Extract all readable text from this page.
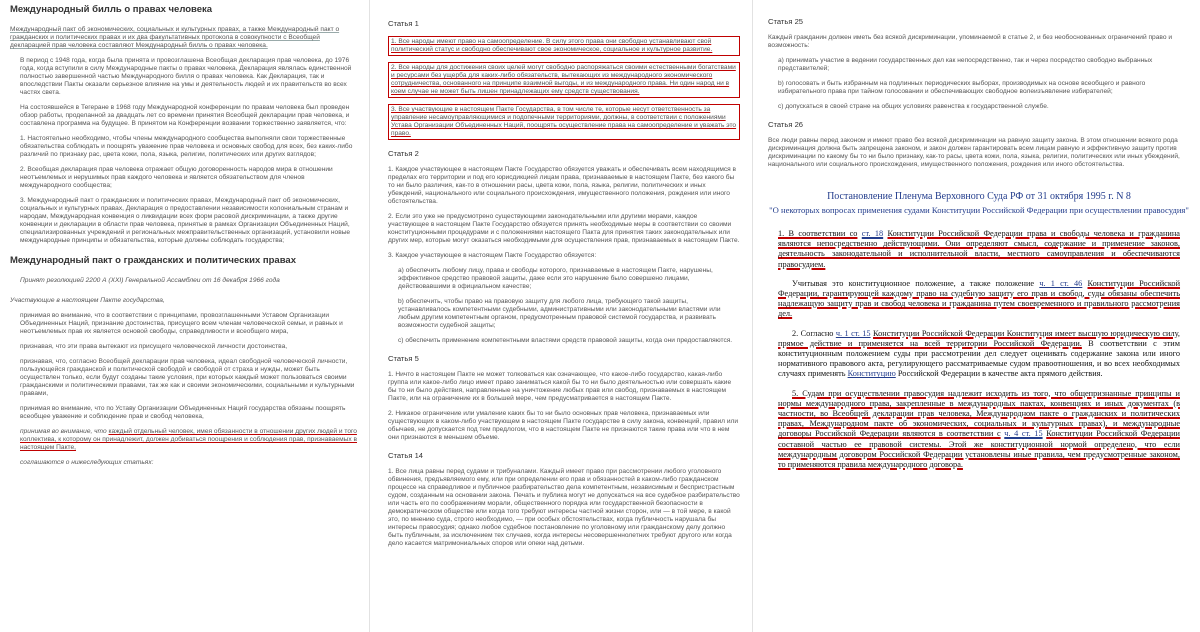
Международный билль о правах человека

Международный пакт об экономических, социальных и культурных правах, а также Международный пакт о гражданских и политических правах и их два факультативных протокола в совокупности с Всеобщей декларацией прав человека составляют Международный билль о правах человека.

В период с 1948 года, когда была принята и провозглашена Всеобщая декларация прав человека, до 1976 года, когда вступили в силу Международные пакты о правах человека, Декларация являлась единственной полностью завершенной частью Международного билля о правах человека. Как Декларация, так и впоследствии Пакты оказали серьезное влияние на умы и деятельность людей и их правительств во всех частях света.

На состоявшейся в Тегеране в 1968 году Международной конференции по правам человека был проведен обзор работы, проделанной за двадцать лет со времени принятия Всеобщей декларации прав человека, и составлена программа на будущее. В принятом на Конференции возвании торжественно заявляется, что:

1. Настоятельно необходимо, чтобы члены международного сообщества выполняли свои торжественные обязательства соблюдать и поощрять уважение прав человека и основных свобод для всех, без каких-либо различий по признаку рас, цвета кожи, пола, языка, религии, политических или других взглядов;

2. Всеобщая декларация прав человека отражает общую договоренность народов мира в отношении неотъемлемых и нерушимых прав каждого человека и является обязательством для членов международного сообщества;

3. Международный пакт о гражданских и политических правах, Международный пакт об экономических, социальных и культурных правах, Декларация о предоставлении независимости колониальным странам и народам, Международная конвенция о ликвидации всех форм расовой дискриминации, а также другие конвенции и декларации в области прав человека, принятые в рамках Организации Объединенных Наций, специализированных учреждений и региональных межправительственных организаций, установили новые международные принципы и обязательства, которые должны соблюдать государства;

Международный пакт о гражданских и политических правах

Принят резолюцией 2200 А (XXI) Генеральной Ассамблеи от 16 декабря 1966 года

Участвующие в настоящем Пакте государства,

принимая во внимание, что в соответствии с принципами, провозглашенными Уставом Организации Объединенных Наций, признание достоинства, присущего всем членам человеческой семьи, и равных и неотъемлемых прав их является основой свободы, справедливости и всеобщего мира,

признавая, что эти права вытекают из присущего человеческой личности достоинства,

признавая, что, согласно Всеобщей декларации прав человека, идеал свободной человеческой личности, пользующейся гражданской и политической свободой и свободой от страха и нужды, может быть осуществлен только, если будут созданы такие условия, при которых каждый может пользоваться своими гражданскими и политическими правами, так же как и своими экономическими, социальными и культурными правами,

принимая во внимание, что по Уставу Организации Объединенных Наций государства обязаны поощрять всеобщее уважение и соблюдение прав и свобод человека,

принимая во внимание, что каждый отдельный человек, имея обязанности в отношении других людей и того коллектива, к которому он принадлежит, должен добиваться поощрения и соблюдения прав, признаваемых в настоящем Пакте,

соглашаются о нижеследующих статьях:

Статья 1

1. Все народы имеют право на самоопределение. В силу этого права они свободно устанавливают свой политический статус и свободно обеспечивают свое экономическое, социальное и культурное развитие.

2. Все народы для достижения своих целей могут свободно распоряжаться своими естественными богатствами и ресурсами без ущерба для каких-либо обязательств, вытекающих из международного экономического сотрудничества, основанного на принципе взаимной выгоды, и из международного права. Ни один народ ни в коем случае не может быть лишен принадлежащих ему средств существования.

3. Все участвующие в настоящем Пакте Государства, в том числе те, которые несут ответственность за управление несамоуправляющимися и подопечными территориями, должны, в соответствии с положениями Устава Организации Объединенных Наций, поощрять осуществление права на самоопределение и уважать это право.

Статья 2

1. Каждое участвующее в настоящем Пакте Государство обязуется уважать и обеспечивать всем находящимся в пределах его территории и под его юрисдикцией лицам права, признаваемые в настоящем Пакте, без какого бы то ни было различия, как-то в отношении расы, цвета кожи, пола, языка, религии, политических и иных убеждений, национального или социального происхождения, имущественного положения, рождения или иного обстоятельства.

2. Если это уже не предусмотрено существующими законодательными или другими мерами, каждое участвующее в настоящем Пакте Государство обязуется принять необходимые меры в соответствии со своими конституционными процедурами и с положениями настоящего Пакта для принятия таких законодательных или других мер, которые могут оказаться необходимыми для осуществления прав, признаваемых в настоящем Пакте.

3. Каждое участвующее в настоящем Пакте Государство обязуется:

a) обеспечить любому лицу, права и свободы которого, признаваемые в настоящем Пакте, нарушены, эффективное средство правовой защиты, даже если это нарушение было совершено лицами, действовавшими в официальном качестве;

b) обеспечить, чтобы право на правовую защиту для любого лица, требующего такой защиты, устанавливалось компетентными судебными, административными или законодательными властями или любым другим компетентным органом, предусмотренным правовой системой государства, и развивать возможности судебной защиты;

c) обеспечить применение компетентными властями средств правовой защиты, когда они предоставляются.

Статья 5

1. Ничто в настоящем Пакте не может толковаться как означающее, что какое-либо государство, какая-либо группа или какое-либо лицо имеет право заниматься какой бы то ни было деятельностью или совершать какие бы то ни было действия, направленные на уничтожение любых прав или свобод, признаваемых в настоящем Пакте, или на ограничение их в большей мере, чем предусматривается в настоящем Пакте.

2. Никакое ограничение или умаление каких бы то ни было основных прав человека, признаваемых или существующих в каком-либо участвующем в настоящем Пакте государстве в силу закона, конвенций, правил или обычаев, не допускается под тем предлогом, что в настоящем Пакте не признаются такие права или что в нем они признаются в меньшем объеме.

Статья 14

1. Все лица равны перед судами и трибуналами. Каждый имеет право при рассмотрении любого уголовного обвинения, предъявляемого ему, или при определении его прав и обязанностей в каком-либо гражданском процессе на справедливое и публичное разбирательство дела компетентным, независимым и беспристрастным судом, созданным на основании закона. Печать и публика могут не допускаться на все судебное разбирательство или часть его по соображениям морали, общественного порядка или государственной безопасности в демократическом обществе или когда того требуют интересы частной жизни сторон, или — в той мере, в какой это, по мнению суда, строго необходимо, — при особых обстоятельствах, когда публичность нарушала бы интересы правосудия; однако любое судебное постановление по уголовному или гражданскому делу должно быть публичным, за исключением тех случаев, когда интересы несовершеннолетних требуют другого или когда дело касается матримониальных споров или опеки над детьми.

Статья 25

Каждый гражданин должен иметь без всякой дискриминации, упоминаемой в статье 2, и без необоснованных ограничений право и возможность:

a) принимать участие в ведении государственных дел как непосредственно, так и через посредство свободно выбранных представителей;

b) голосовать и быть избранным на подлинных периодических выборах, производимых на основе всеобщего и равного избирательного права при тайном голосовании и обеспечивающих свободное волеизъявление избирателей;

c) допускаться в своей стране на общих условиях равенства к государственной службе.

Статья 26

Все люди равны перед законом и имеют право без всякой дискриминации на равную защиту закона. В этом отношении всякого рода дискриминация должна быть запрещена законом, и закон должен гарантировать всем лицам равную и эффективную защиту против дискриминации по какому бы то ни было признаку, как-то расы, цвета кожи, пола, языка, религии, политических или иных убеждений, национального или социального происхождения, имущественного положения, рождения или иного обстоятельства.

Постановление Пленума Верховного Суда РФ от 31 октября 1995 г. N 8
"О некоторых вопросах применения судами Конституции Российской Федерации при осуществлении правосудия"

1. В соответствии со ст. 18 Конституции Российской Федерации права и свободы человека и гражданина являются непосредственно действующими. Они определяют смысл, содержание и применение законов, деятельность законодательной и исполнительной власти, местного самоуправления и обеспечиваются правосудием.

Учитывая это конституционное положение, а также положение ч. 1 ст. 46 Конституции Российской Федерации, гарантирующей каждому право на судебную защиту его прав и свобод, суды обязаны обеспечить надлежащую защиту прав и свобод человека и гражданина путем своевременного и правильного рассмотрения дел.

2. Согласно ч. 1 ст. 15 Конституции Российской Федерации Конституция имеет высшую юридическую силу, прямое действие и применяется на всей территории Российской Федерации. В соответствии с этим конституционным положением суды при рассмотрении дел следует оценивать содержание закона или иного нормативного правового акта, регулирующего рассматриваемые судом правоотношения, и во всех необходимых случаях применять Конституцию Российской Федерации в качестве акта прямого действия.

5. Судам при осуществлении правосудия надлежит исходить из того, что общепризнанные принципы и нормы международного права, закрепленные в международных пактах, конвенциях и иных документах (в частности, во Всеобщей декларации прав человека, Международном пакте о гражданских и политических правах, Международном пакте об экономических, социальных и культурных правах), и международные договоры Российской Федерации являются в соответствии с ч. 4 ст. 15 Конституции Российской Федерации составной частью ее правовой системы. Этой же конституционной нормой определено, что если международным договором Российской Федерации установлены иные правила, чем предусмотренные законом, то применяются правила международного договора.
